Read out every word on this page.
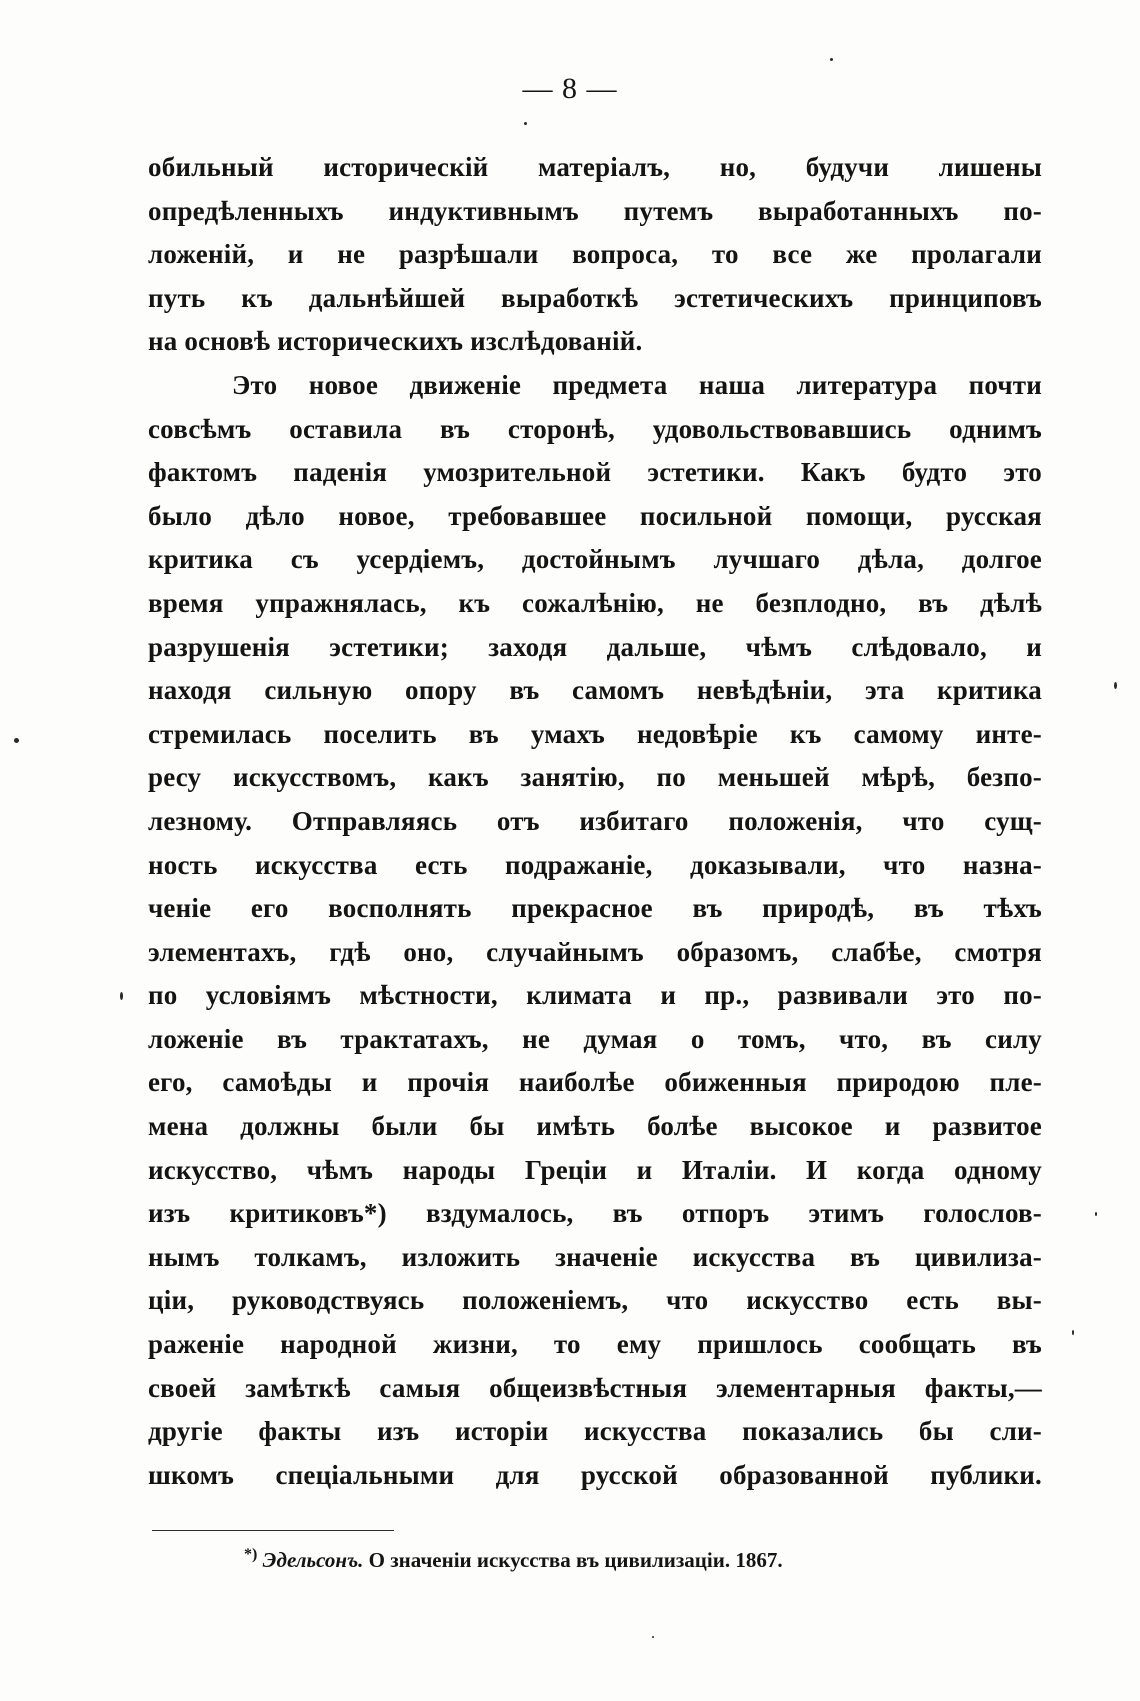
— 8 —
обильный историческій матеріалъ, но, будучи лишены
опредѣленныхъ индуктивнымъ путемъ выработанныхъ по-
ложеній, и не разрѣшали вопроса, то все же пролагали
путь къ дальнѣйшей выработкѣ эстетическихъ принциповъ
на основѣ историческихъ изслѣдованій.
Это новое движеніе предмета наша литература почти
совсѣмъ оставила въ сторонѣ, удовольствовавшись однимъ
фактомъ паденія умозрительной эстетики. Какъ будто это
было дѣло новое, требовавшее посильной помощи, русская
критика съ усердіемъ, достойнымъ лучшаго дѣла, долгое
время упражнялась, къ сожалѣнію, не безплодно, въ дѣлѣ
разрушенія эстетики; заходя дальше, чѣмъ слѣдовало, и
находя сильную опору въ самомъ невѣдѣніи, эта критика
стремилась поселить въ умахъ недовѣріе къ самому инте-
ресу искусствомъ, какъ занятію, по меньшей мѣрѣ, безпо-
лезному. Отправляясь отъ избитаго положенія, что сущ-
ность искусства есть подражаніе, доказывали, что назна-
ченіе его восполнять прекрасное въ природѣ, въ тѣхъ
элементахъ, гдѣ оно, случайнымъ образомъ, слабѣе, смотря
по условіямъ мѣстности, климата и пр., развивали это по-
ложеніе въ трактатахъ, не думая о томъ, что, въ силу
его, самоѣды и прочія наиболѣе обиженныя природою пле-
мена должны были бы имѣть болѣе высокое и развитое
искусство, чѣмъ народы Греціи и Италіи. И когда одному
изъ критиковъ*) вздумалось, въ отпоръ этимъ голослов-
нымъ толкамъ, изложить значеніе искусства въ цивилиза-
ціи, руководствуясь положеніемъ, что искусство есть вы-
раженіе народной жизни, то ему пришлось сообщать въ
своей замѣткѣ самыя общеизвѣстныя элементарныя факты,—
другіе факты изъ исторіи искусства показались бы сли-
шкомъ спеціальными для русской образованной публики.
*) Эдельсонъ. О значеніи искусства въ цивилизаціи. 1867.
